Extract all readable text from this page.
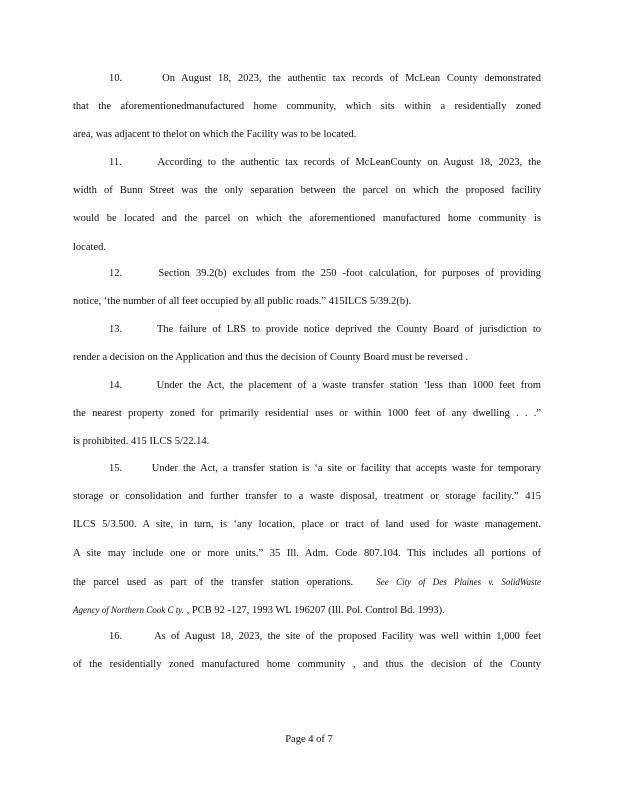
10.	On August 18, 2023, the authentic tax records of McLean County demonstrated
that the aforementionedmanufactured home community, which sits within a residentially zoned
area, was adjacent to thelot on which the Facility was to be located.
11.	According to the authentic tax records of McLeanCounty on August 18, 2023, the
width of Bunn Street was the only separation between the parcel on which the proposed facility
would be located and the parcel on which the aforementioned manufactured home community is
located.
12.	Section 39.2(b) excludes from the 250 -foot calculation, for purposes of providing
notice, ‘the number of all feet occupied by all public roads.” 415ILCS 5/39.2(b).
13.	The failure of LRS to provide notice deprived the County Board of jurisdiction to
render a decision on the Application and thus the decision of County Board must be reversed .
14.	Under the Act, the placement of a waste transfer station ‘less than 1000 feet from
the nearest property zoned for primarily residential uses or within 1000 feet of any dwelling . . .”
is prohibited. 415 ILCS 5/22.14.
15.	Under the Act, a transfer station is ‘a site or facility that accepts waste for temporary
storage or consolidation and further transfer to a waste disposal, treatment or storage facility.” 415
ILCS 5/3.500. A site, in turn, is ‘any location, place or tract of land used for waste management.
A site may include one or more units.” 35 Ill. Adm. Code 807.104. This includes all portions of
the parcel used as part of the transfer station operations.	See City of Des Plaines v. SolidWaste
Agency of Northern Cook C ty. , PCB 92 -127, 1993 WL 196207 (Ill. Pol. Control Bd. 1993).
16.	As of August 18, 2023, the site of the proposed Facility was well within 1,000 feet
of the residentially zoned manufactured home community , and thus the decision of the County
Page 4 of 7
